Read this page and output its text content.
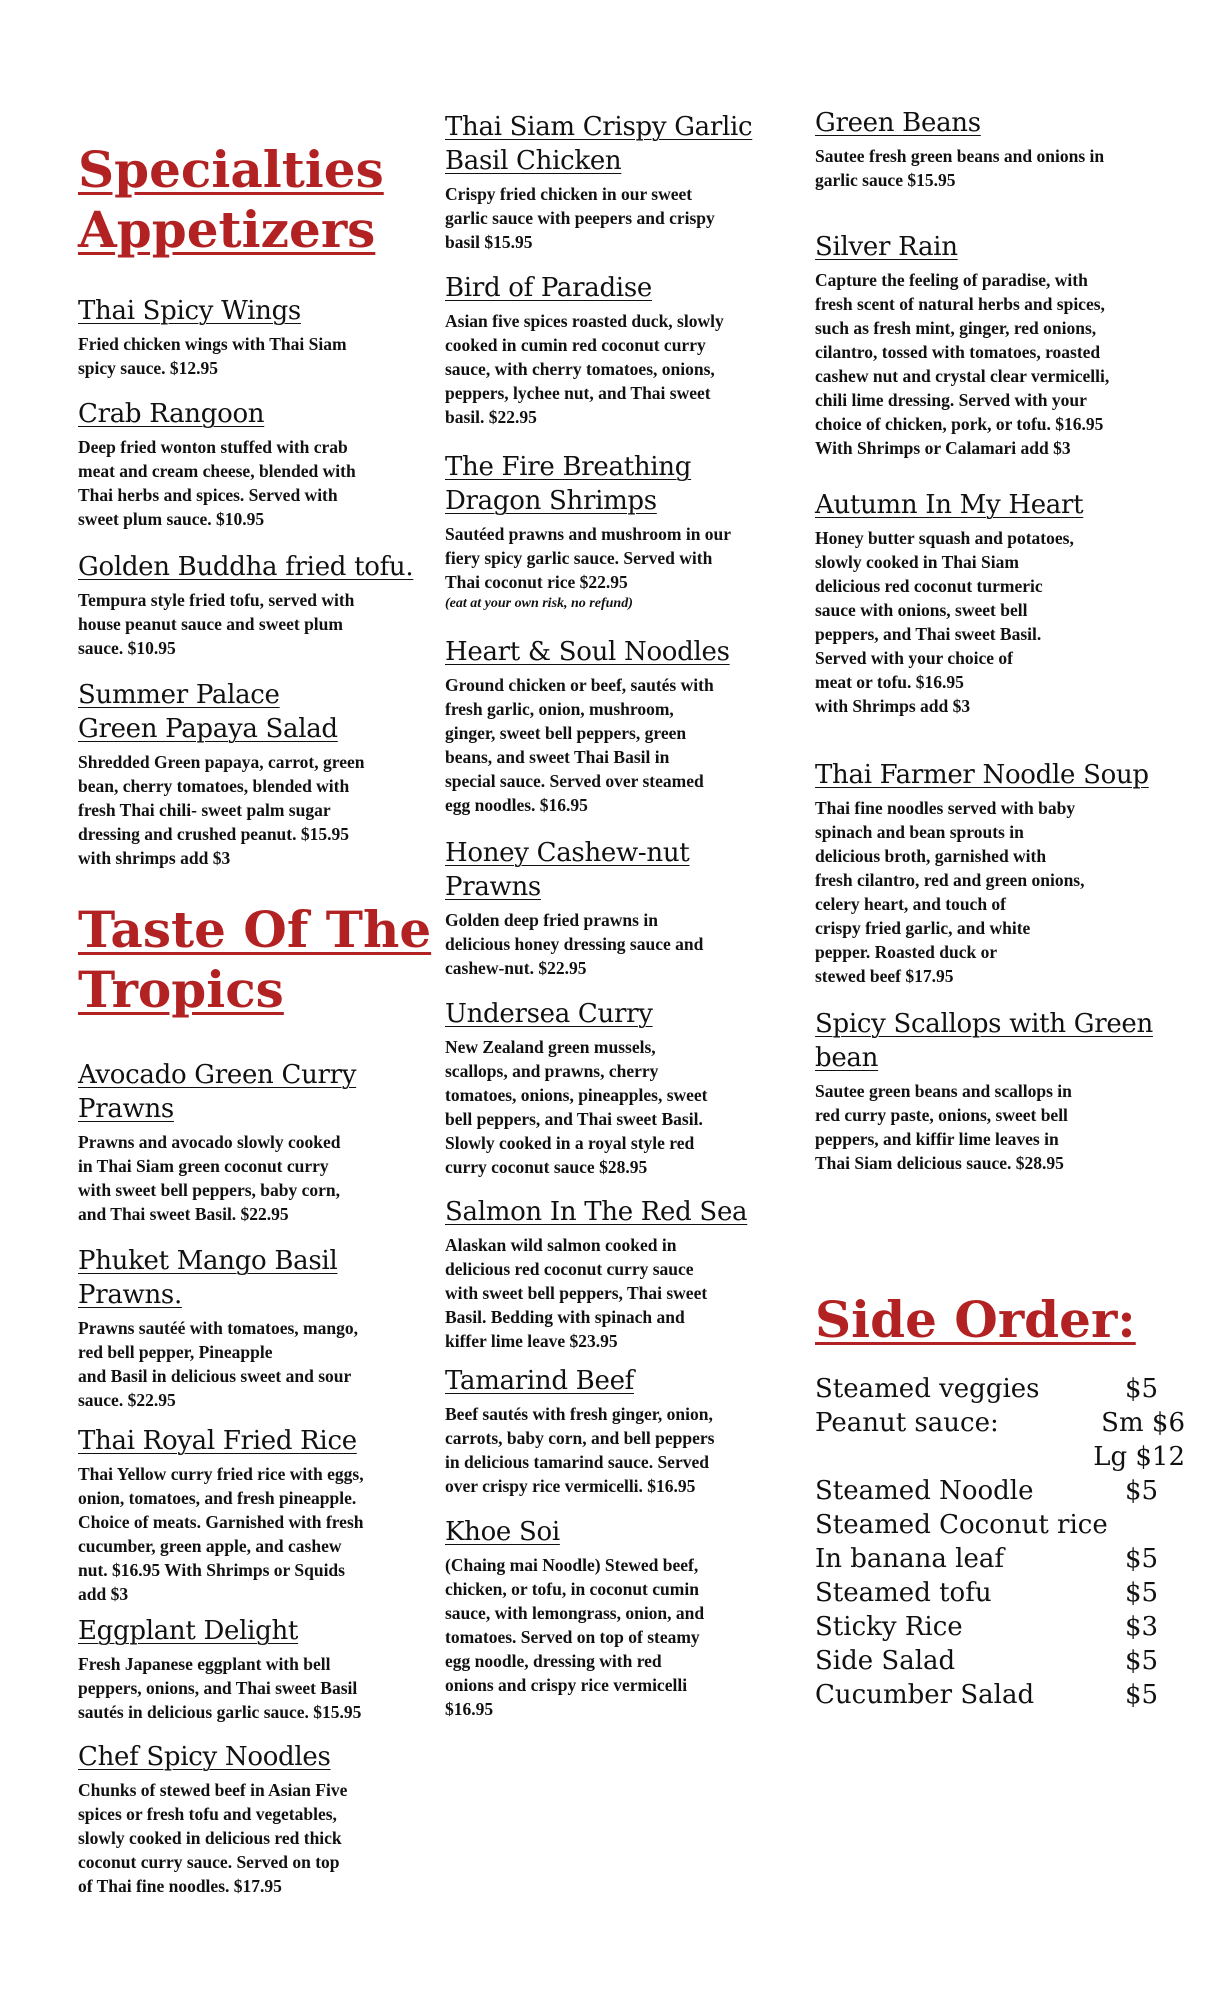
Specialties
Appetizers

Thai Spicy Wings

Fried chicken wings with Thai Siam
spicy sauce. $12.95

Crab Rangoon

Deep fried wonton stuffed with crab
meat and cream cheese, blended with
Thai herbs and spices. Served with
sweet plum sauce. $10.95

Golden Buddha fried tofu.

Tempura style fried tofu, served with
house peanut sauce and sweet plum
sauce. $10.95

Summer Palace
Green Papaya Salad

Shredded Green papaya, carrot, green
bean, cherry tomatoes, blended with
fresh Thai chili- sweet palm sugar
dressing and crushed peanut. $15.95
with shrimps add $3

Taste Of The
Tropics

Avocado Green Curry
Prawns

Prawns and avocado slowly cooked
in Thai Siam green coconut curry
with sweet bell peppers, baby corn,
and Thai sweet Basil. $22.95

Phuket Mango Basil
Prawns.

Prawns sautéé with tomatoes, mango,
red bell pepper, Pineapple
and Basil in delicious sweet and sour
sauce. $22.95

Thai Royal Fried Rice

Thai Yellow curry fried rice with eggs,
onion, tomatoes, and fresh pineapple.
Choice of meats. Garnished with fresh
cucumber, green apple, and cashew
nut. $16.95 With Shrimps or Squids
add $3

Eggplant Delight

Fresh Japanese eggplant with bell
peppers, onions, and Thai sweet Basil
sautés in delicious garlic sauce. $15.95

Chef Spicy Noodles

Chunks of stewed beef in Asian Five
spices or fresh tofu and vegetables,
slowly cooked in delicious red thick
coconut curry sauce. Served on top
of Thai fine noodles. $17.95

Thai Siam Crispy Garlic
Basil Chicken

Crispy fried chicken in our sweet
garlic sauce with peepers and crispy
basil $15.95

Bird of Paradise

Asian five spices roasted duck, slowly
cooked in cumin red coconut curry
sauce, with cherry tomatoes, onions,
peppers, lychee nut, and Thai sweet
basil. $22.95

The Fire Breathing
Dragon Shrimps

Sautéed prawns and mushroom in our
fiery spicy garlic sauce. Served with
Thai coconut rice $22.95

(eat at your own risk, no refund)

Heart & Soul Noodles

Ground chicken or beef, sautés with
fresh garlic, onion, mushroom,
ginger, sweet bell peppers, green
beans, and sweet Thai Basil in
special sauce. Served over steamed
egg noodles. $16.95

Honey Cashew-nut
Prawns

Golden deep fried prawns in
delicious honey dressing sauce and
cashew-nut. $22.95

Undersea Curry

New Zealand green mussels,
scallops, and prawns, cherry
tomatoes, onions, pineapples, sweet
bell peppers, and Thai sweet Basil.
Slowly cooked in a royal style red
curry coconut sauce $28.95

Salmon In The Red Sea

Alaskan wild salmon cooked in
delicious red coconut curry sauce
with sweet bell peppers, Thai sweet
Basil. Bedding with spinach and
kiffer lime leave $23.95

Tamarind Beef

Beef sautés with fresh ginger, onion,
carrots, baby corn, and bell peppers
in delicious tamarind sauce. Served
over crispy rice vermicelli. $16.95

Khoe Soi

(Chaing mai Noodle) Stewed beef,
chicken, or tofu, in coconut cumin
sauce, with lemongrass, onion, and
tomatoes. Served on top of steamy
egg noodle, dressing with red
onions and crispy rice vermicelli
$16.95

Green Beans

Sautee fresh green beans and onions in
garlic sauce $15.95

Silver Rain

Capture the feeling of paradise, with
fresh scent of natural herbs and spices,
such as fresh mint, ginger, red onions,
cilantro, tossed with tomatoes, roasted
cashew nut and crystal clear vermicelli,
chili lime dressing. Served with your
choice of chicken, pork, or tofu. $16.95
With Shrimps or Calamari add $3

Autumn In My Heart

Honey butter squash and potatoes,
slowly cooked in Thai Siam
delicious red coconut turmeric
sauce with onions, sweet bell
peppers, and Thai sweet Basil.
Served with your choice of
meat or tofu. $16.95
with Shrimps add $3

Thai Farmer Noodle Soup

Thai fine noodles served with baby
spinach and bean sprouts in
delicious broth, garnished with
fresh cilantro, red and green onions,
celery heart, and touch of
crispy fried garlic, and white
pepper. Roasted duck or
stewed beef $17.95

Spicy Scallops with Green
bean

Sautee green beans and scallops in
red curry paste, onions, sweet bell
peppers, and kiffir lime leaves in
Thai Siam delicious sauce. $28.95

Side Order:
Steamed veggies	$5
Peanut sauce:	Sm $6 Lg $12
Steamed Noodle	$5
Steamed Coconut rice
In banana leaf	$5
Steamed tofu	$5
Sticky Rice	$3
Side Salad	$5
Cucumber Salad	$5
